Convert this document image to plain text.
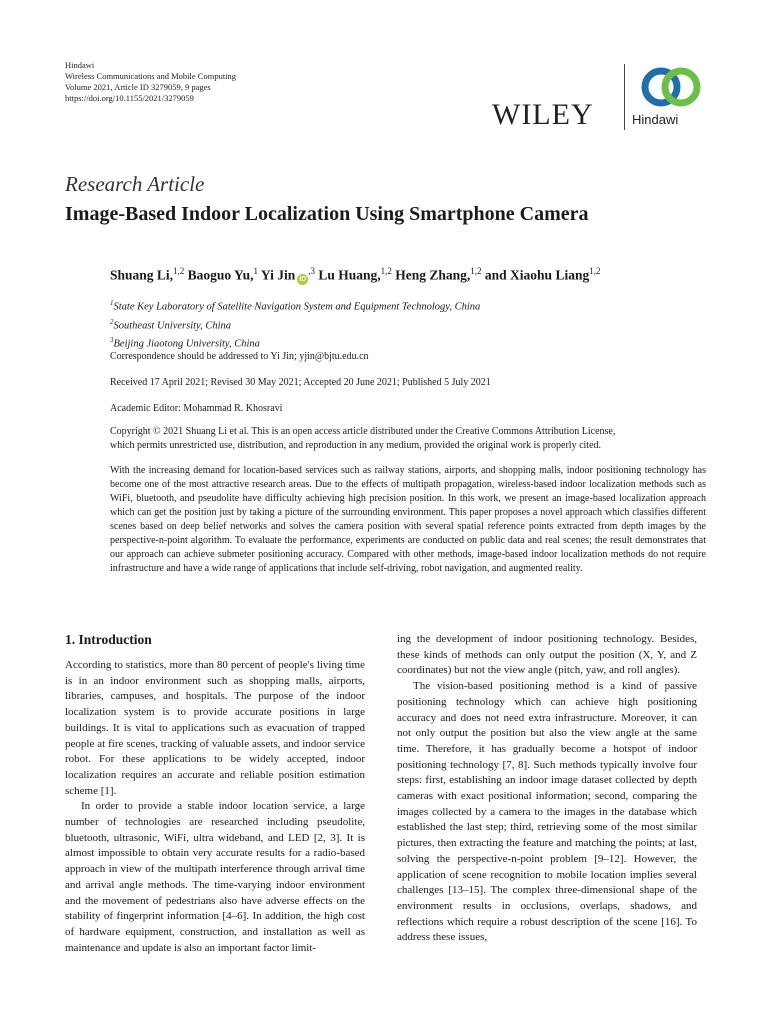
Hindawi
Wireless Communications and Mobile Computing
Volume 2021, Article ID 3279059, 9 pages
https://doi.org/10.1155/2021/3279059	WILEY	Hindawi
Research Article
Image-Based Indoor Localization Using Smartphone Camera
Shuang Li,$^{1,2}$ Baoguo Yu,$^1$ Yi Jin $iD^{,3}$ Lu Huang,$^{1,2}$ Heng Zhang,$^{1,2}$ and Xiaohu Liang$^{1,2}$
$^1$State Key Laboratory of Satellite Navigation System and Equipment Technology, China
$^2$Southeast University, China
$^3$Beijing Jiaotong University, China
Correspondence should be addressed to Yi Jin; yjin@bjtu.edu.cn
Received 17 April 2021; Revised 30 May 2021; Accepted 20 June 2021; Published 5 July 2021
Academic Editor: Mohammad R. Khosravi
Copyright © 2021 Shuang Li et al. This is an open access article distributed under the Creative Commons Attribution License,
which permits unrestricted use, distribution, and reproduction in any medium, provided the original work is properly cited.
With the increasing demand for location-based services such as railway stations, airports, and shopping malls, indoor positioning technology has become one of the most attractive research areas. Due to the effects of multipath propagation, wireless-based indoor localization methods such as WiFi, bluetooth, and pseudolite have difficulty achieving high precision position. In this work, we present an image-based localization approach which can get the position just by taking a picture of the surrounding environment. This paper proposes a novel approach which classifies different scenes based on deep belief networks and solves the camera position with several spatial reference points extracted from depth images by the perspective-n-point algorithm. To evaluate the performance, experiments are conducted on public data and real scenes; the result demonstrates that our approach can achieve submeter positioning accuracy. Compared with other methods, image-based indoor localization methods do not require infrastructure and have a wide range of applications that include self-driving, robot navigation, and augmented reality.
1. Introduction

According to statistics, more than 80 percent of people's living time is in an indoor environment such as shopping malls, airports, libraries, campuses, and hospitals. The purpose of the indoor localization system is to provide accurate positions in large buildings. It is vital to applications such as evacuation of trapped people at fire scenes, tracking of valuable assets, and indoor service robot. For these applications to be widely accepted, indoor localization requires an accurate and reliable position estimation scheme [1].

In order to provide a stable indoor location service, a large number of technologies are researched including pseudolite, bluetooth, ultrasonic, WiFi, ultra wideband, and LED [2, 3]. It is almost impossible to obtain very accurate results for a radio-based approach in view of the multipath interference through arrival time and arrival angle methods. The time-varying indoor environment and the movement of pedestrians also have adverse effects on the stability of fingerprint information [4–6]. In addition, the high cost of hardware equipment, construction, and installation as well as maintenance and update is also an important factor limit-

ing the development of indoor positioning technology. Besides, these kinds of methods can only output the position (X, Y, and Z coordinates) but not the view angle (pitch, yaw, and roll angles).

The vision-based positioning method is a kind of passive positioning technology which can achieve high positioning accuracy and does not need extra infrastructure. Moreover, it can not only output the position but also the view angle at the same time. Therefore, it has gradually become a hotspot of indoor positioning technology [7, 8]. Such methods typically involve four steps: first, establishing an indoor image dataset collected by depth cameras with exact positional information; second, comparing the images collected by a camera to the images in the database which established the last step; third, retrieving some of the most similar pictures, then extracting the feature and matching the points; at last, solving the perspective-n-point problem [9–12]. However, the application of scene recognition to mobile location implies several challenges [13–15]. The complex three-dimensional shape of the environment results in occlusions, overlaps, shadows, and reflections which require a robust description of the scene [16]. To address these issues,
